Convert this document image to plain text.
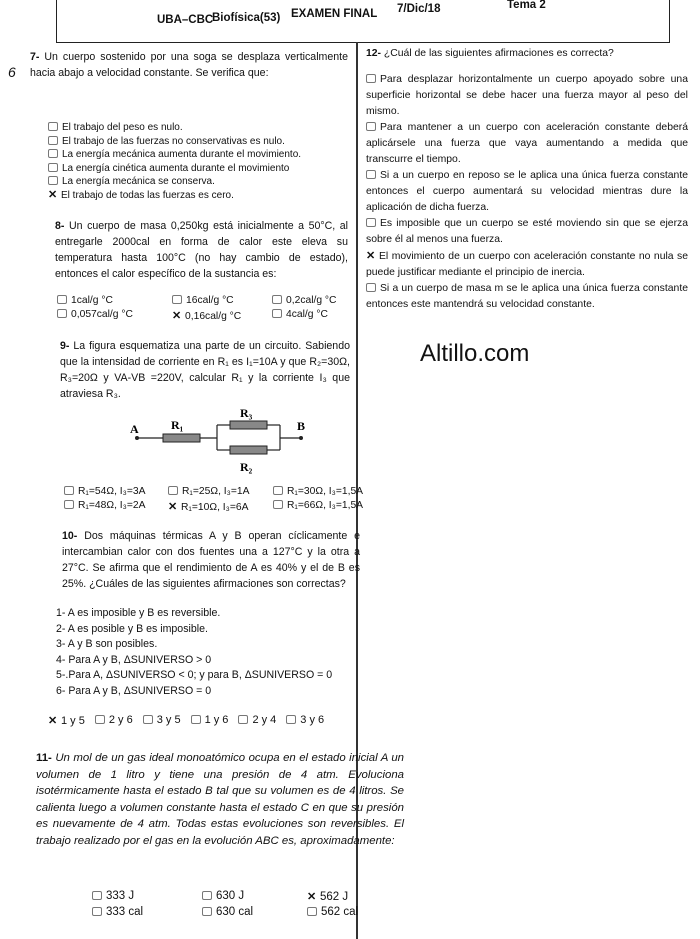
UBA–CBC
Biofísica(53) EXAMEN FINAL 7/Dic/18	Tema 2
6
7- Un cuerpo sostenido por una soga se desplaza verticalmente hacia abajo a velocidad constante. Se verifica que:
El trabajo del peso es nulo.
El trabajo de las fuerzas no conservativas es nulo.
La energía mecánica aumenta durante el movimiento.
La energía cinética aumenta durante el movimiento
La energía mecánica se conserva.
✕ El trabajo de todas las fuerzas es cero.
8- Un cuerpo de masa 0,250kg está inicialmente a 50°C, al entregarle 2000cal en forma de calor este eleva su temperatura hasta 100°C (no hay cambio de estado), entonces el calor específico de la sustancia es:
1cal/g °C	16cal/g °C	0,2cal/g °C
0,057cal/g °C	✕ 0,16cal/g °C	4cal/g °C
9- La figura esquematiza una parte de un circuito. Sabiendo que la intensidad de corriente en R₁ es I₁=10A y que R₂=30Ω, R₃=20Ω y VA-VB =220V, calcular R₁ y la corriente I₃ que atraviesa R₃.
A	B
R₁
R₃
R₂
R₁=54Ω, I₃=3A	R₁=25Ω, I₃=1A	R₁=30Ω, I₃=1,5A
R₁=48Ω, I₃=2A	✕ R₁=10Ω, I₃=6A	R₁=66Ω, I₃=1,5A
10- Dos máquinas térmicas A y B operan cíclicamente e intercambian calor con dos fuentes una a 127°C y la otra a 27°C. Se afirma que el rendimiento de A es 40% y el de B es 25%. ¿Cuáles de las siguientes afirmaciones son correctas?
1- A es imposible y B es reversible.
2- A es posible y B es imposible.
3- A y B son posibles.
4- Para A y B, ΔSUNIVERSO > 0
5-.Para A, ΔSUNIVERSO < 0; y para B, ΔSUNIVERSO = 0
6- Para A y B, ΔSUNIVERSO = 0
✕ 1 y 5	2 y 6	3 y 5	1 y 6	2 y 4	3 y 6
11- Un mol de un gas ideal monoatómico ocupa en el estado inicial A un volumen de 1 litro y tiene una presión de 4 atm. Evoluciona isotérmicamente hasta el estado B tal que su volumen es de 4 litros. Se calienta luego a volumen constante hasta el estado C en que su presión es nuevamente de 4 atm. Todas estas evoluciones son reversibles. El trabajo realizado por el gas en la evolución ABC es, aproximadamente:
333 J	630 J	✕ 562 J
333 cal	630 cal	562 cal
12- ¿Cuál de las siguientes afirmaciones es correcta?
Para desplazar horizontalmente un cuerpo apoyado sobre una superficie horizontal se debe hacer una fuerza mayor al peso del mismo.
Para mantener a un cuerpo con aceleración constante deberá aplicársele una fuerza que vaya aumentando a medida que transcurre el tiempo.
Si a un cuerpo en reposo se le aplica una única fuerza constante entonces el cuerpo aumentará su velocidad mientras dure la aplicación de dicha fuerza.
Es imposible que un cuerpo se esté moviendo sin que se ejerza sobre él al menos una fuerza.
✕ El movimiento de un cuerpo con aceleración constante no nula se puede justificar mediante el principio de inercia.
Si a un cuerpo de masa m se le aplica una única fuerza constante entonces este mantendrá su velocidad constante.
Altillo.com
